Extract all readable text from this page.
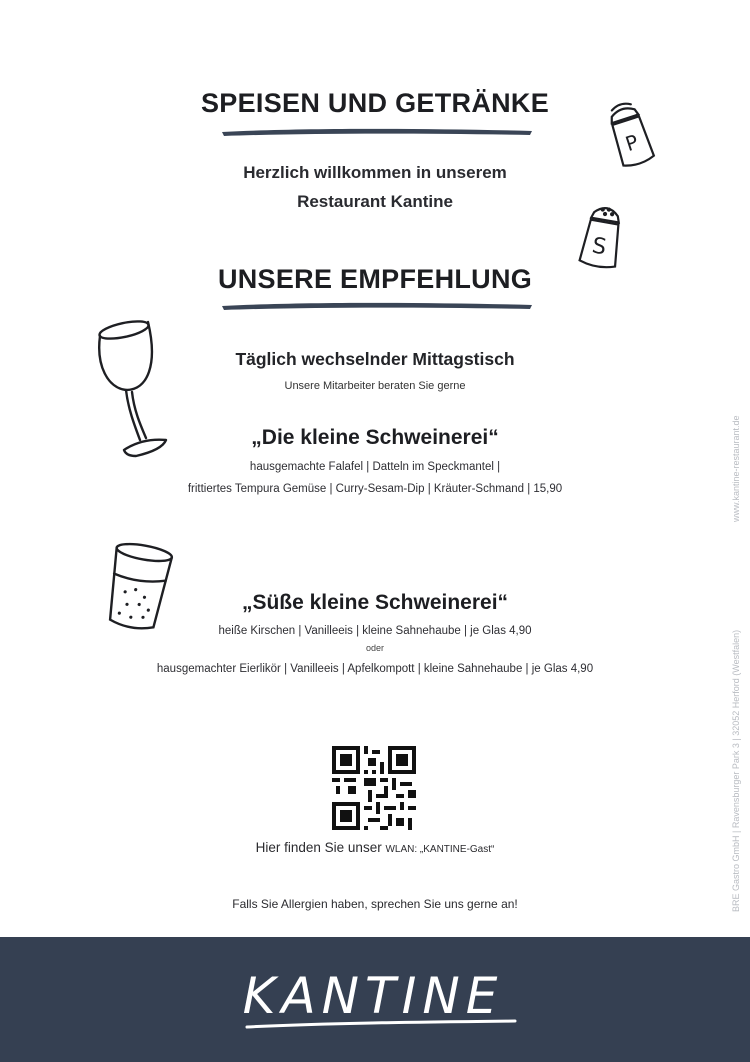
SPEISEN UND GETRÄNKE
Herzlich willkommen in unserem
Restaurant Kantine
UNSERE EMPFEHLUNG
Täglich wechselnder Mittagstisch
Unsere Mitarbeiter beraten Sie gerne
„Die kleine Schweinerei“
hausgemachte Falafel | Datteln im Speckmantel |
frittiertes Tempura Gemüse | Curry-Sesam-Dip | Kräuter-Schmand | 15,90
„Süße kleine Schweinerei“
heiße Kirschen | Vanilleeis | kleine Sahnehaube | je Glas 4,90
oder
hausgemachter Eierlikör | Vanilleeis | Apfelkompott | kleine Sahnehaube | je Glas 4,90
Hier finden Sie unser WLAN: „KANTINE-Gast“
Falls Sie Allergien haben, sprechen Sie uns gerne an!
www.kantine-restaurant.de
BRE Gastro GmbH | Ravensburger Park 3 | 32052 Herford (Westfalen)
P
S
KANTINE
